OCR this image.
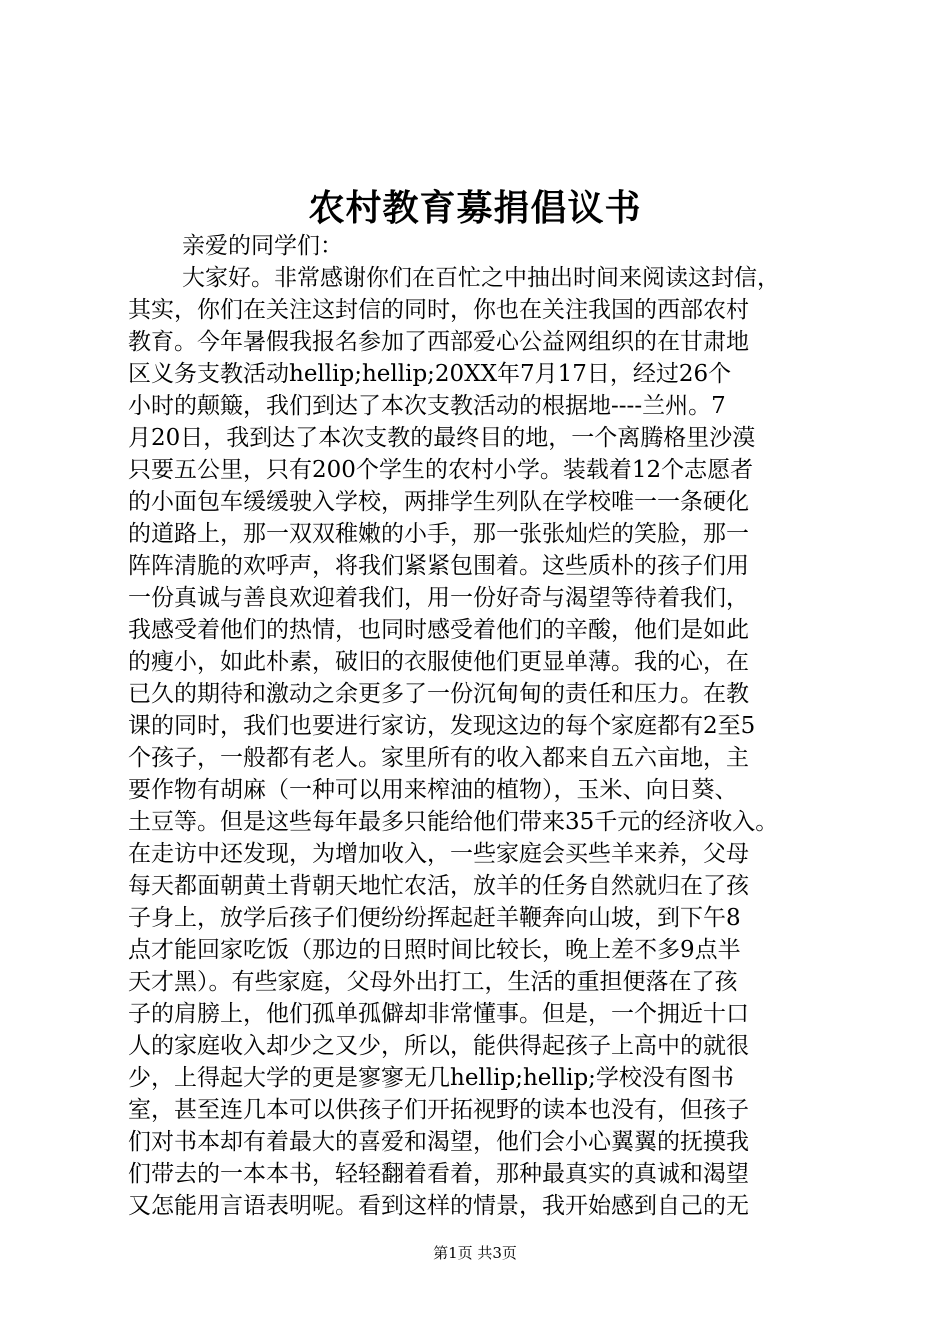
农村教育募捐倡议书
亲爱的同学们：
大家好。非常感谢你们在百忙之中抽出时间来阅读这封信，
其实，你们在关注这封信的同时，你也在关注我国的西部农村
教育。今年暑假我报名参加了西部爱心公益网组织的在甘肃地
区义务支教活动hellip;hellip;20XX年7月17日，经过26个
小时的颠簸，我们到达了本次支教活动的根据地----兰州。7
月20日，我到达了本次支教的最终目的地，一个离腾格里沙漠
只要五公里，只有200个学生的农村小学。装载着12个志愿者
的小面包车缓缓驶入学校，两排学生列队在学校唯一一条硬化
的道路上，那一双双稚嫩的小手，那一张张灿烂的笑脸，那一
阵阵清脆的欢呼声，将我们紧紧包围着。这些质朴的孩子们用
一份真诚与善良欢迎着我们，用一份好奇与渴望等待着我们，
我感受着他们的热情，也同时感受着他们的辛酸，他们是如此
的瘦小，如此朴素，破旧的衣服使他们更显单薄。我的心，在
已久的期待和激动之余更多了一份沉甸甸的责任和压力。在教
课的同时，我们也要进行家访，发现这边的每个家庭都有2至5
个孩子，一般都有老人。家里所有的收入都来自五六亩地，主
要作物有胡麻（一种可以用来榨油的植物），玉米、向日葵、
土豆等。但是这些每年最多只能给他们带来35千元的经济收入。
在走访中还发现，为增加收入，一些家庭会买些羊来养，父母
每天都面朝黄土背朝天地忙农活，放羊的任务自然就归在了孩
子身上，放学后孩子们便纷纷挥起赶羊鞭奔向山坡，到下午8
点才能回家吃饭（那边的日照时间比较长，晚上差不多9点半
天才黑）。有些家庭，父母外出打工，生活的重担便落在了孩
子的肩膀上，他们孤单孤僻却非常懂事。但是，一个拥近十口
人的家庭收入却少之又少，所以，能供得起孩子上高中的就很
少，上得起大学的更是寥寥无几hellip;hellip;学校没有图书
室，甚至连几本可以供孩子们开拓视野的读本也没有，但孩子
们对书本却有着最大的喜爱和渴望，他们会小心翼翼的抚摸我
们带去的一本本书，轻轻翻着看着，那种最真实的真诚和渴望
又怎能用言语表明呢。看到这样的情景，我开始感到自己的无
第1页 共3页
